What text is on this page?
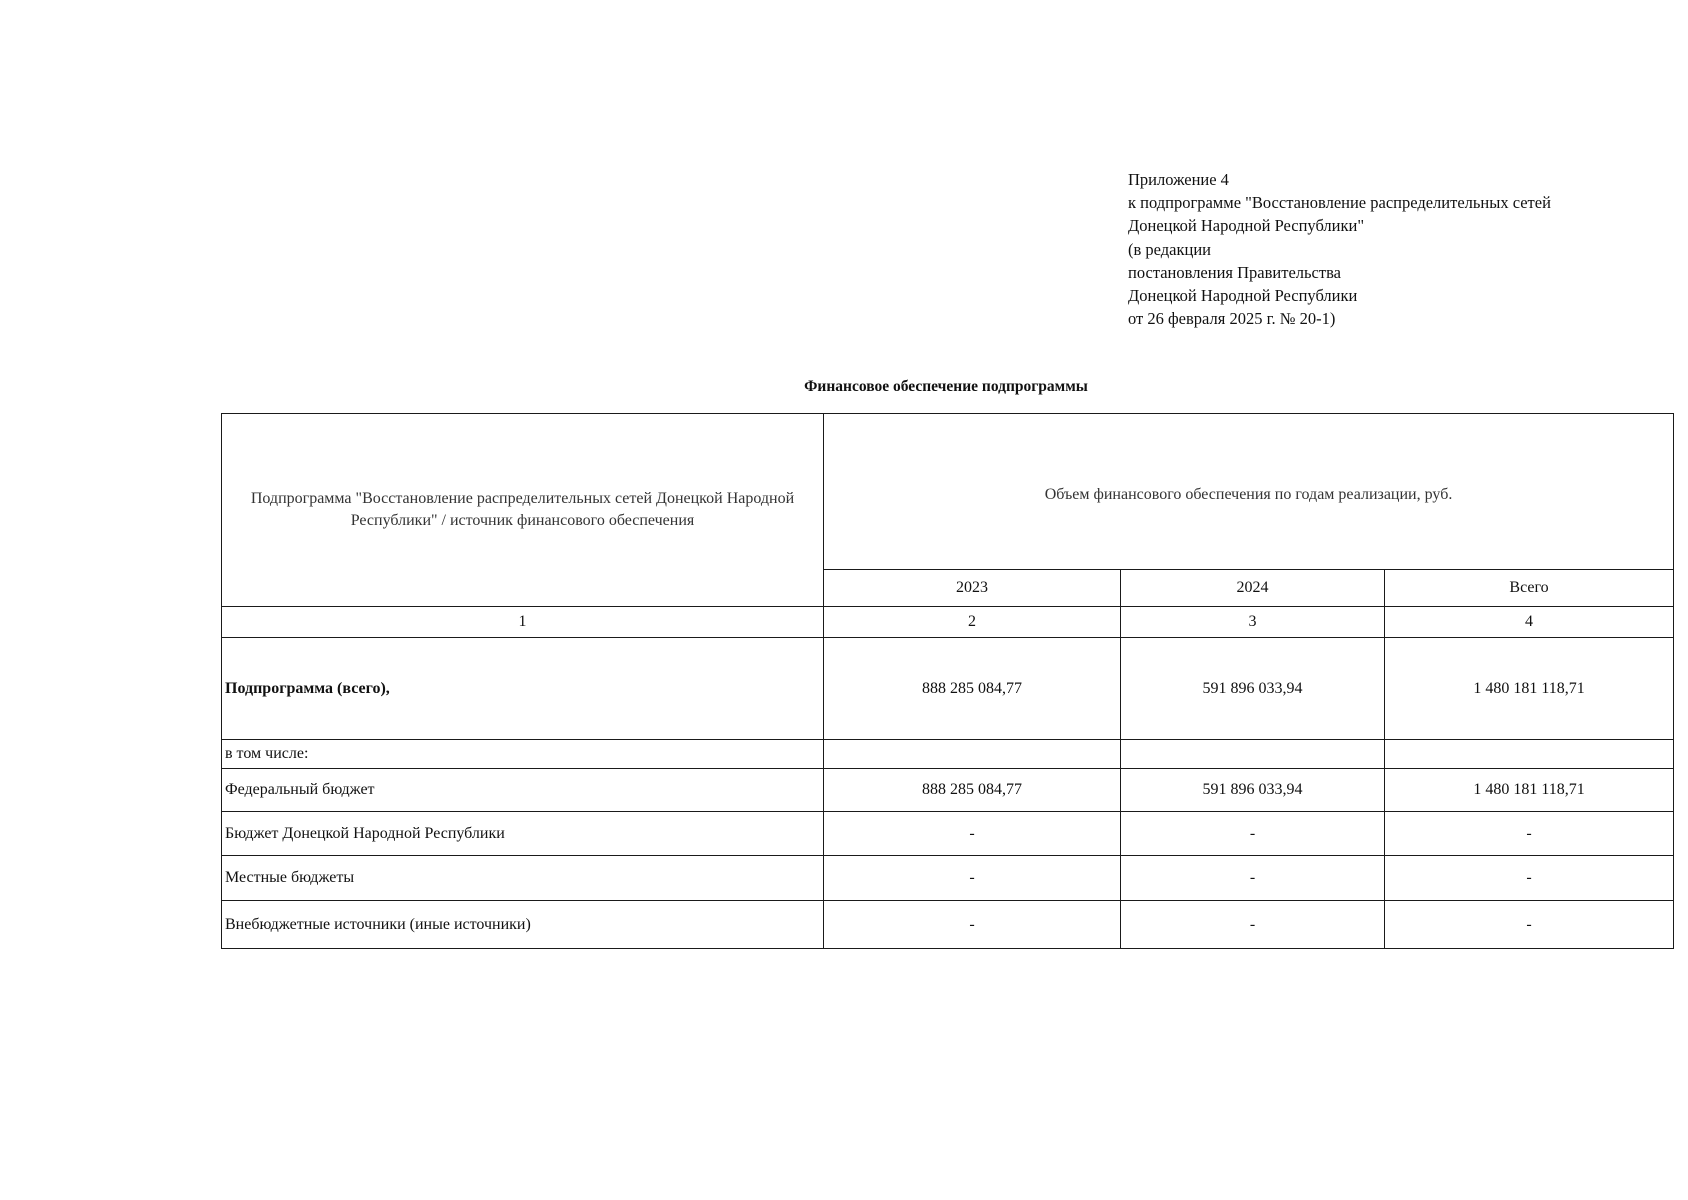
Приложение 4
к подпрограмме "Восстановление распределительных сетей
Донецкой Народной Республики"
(в редакции
постановления Правительства
Донецкой Народной Республики
от 26 февраля 2025 г. № 20-1)
Финансовое обеспечение подпрограммы
Подпрограмма "Восстановление распределительных сетей Донецкой Народной Республики" / источник финансового обеспечения	Объем финансового обеспечения по годам реализации, руб.		
	2023	2024	Всего
1	2	3	4
Подпрограмма (всего),	888 285 084,77	591 896 033,94	1 480 181 118,71
в том числе:			
Федеральный бюджет	888 285 084,77	591 896 033,94	1 480 181 118,71
Бюджет Донецкой Народной Республики	-	-	-
Местные бюджеты	-	-	-
Внебюджетные источники (иные источники)	-	-	-
